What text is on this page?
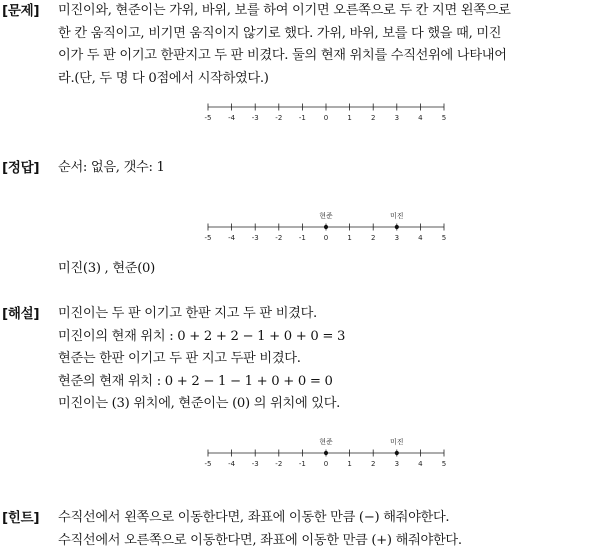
[문제] 미진이와, 현준이는 가위, 바위, 보를 하여 이기면 오른쪽으로 두 칸 지면 왼쪽으로
한 칸 움직이고, 비기면 움직이지 않기로 했다. 가위, 바위, 보를 다 했을 때, 미진
이가 두 판 이기고 한판지고 두 판 비겼다. 둘의 현재 위치를 수직선위에 나타내어
라.(단, 두 명 다 0점에서 시작하였다.)
-5 -4 -3 -2 -1	0	1	2	3	4	5
[정답] 순서: 없음, 갯수: 1
-5 -4 -3 -2 -1	0	1	2	3	4	5
현준	미진
미진(3) , 현준(0)
[해설] 미진이는 두 판 이기고 한판 지고 두 판 비겼다.
미진이의 현재 위치 : 0 + 2 + 2 − 1 + 0 + 0 = 3
현준는 한판 이기고 두 판 지고 두판 비겼다.
현준의 현재 위치 : 0 + 2 − 1 − 1 + 0 + 0 = 0
미진이는 (3) 위치에, 현준이는 (0) 의 위치에 있다.
-5 -4 -3 -2 -1	0	1	2	3	4	5
현준	미진
[힌트] 수직선에서 왼쪽으로 이동한다면, 좌표에 이동한 만큼 (−) 해줘야한다.
수직선에서 오른쪽으로 이동한다면, 좌표에 이동한 만큼 (+) 해줘야한다.
